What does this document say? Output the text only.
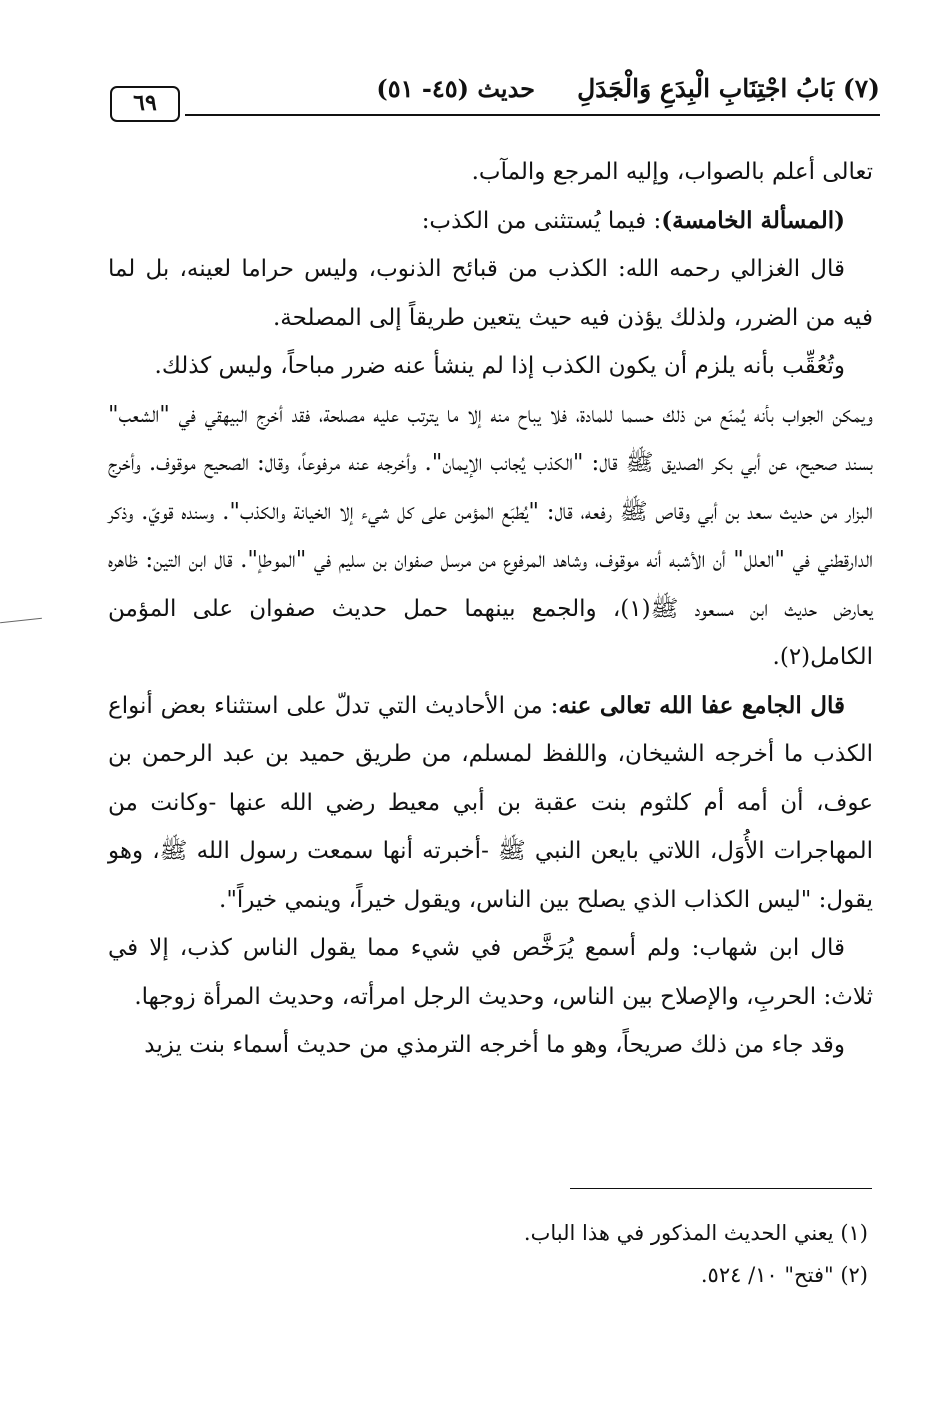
(٧) بَابُ اجْتِنَابِ الْبِدَعِ وَالْجَدَلِ
حديث (٤٥- ٥١)
٦٩

تعالى أعلم بالصواب، وإليه المرجع والمآب.

(المسألة الخامسة): فيما يُستثنى من الكذب:

قال الغزالي رحمه الله: الكذب من قبائح الذنوب، وليس حراما لعينه، بل لما فيه من الضرر، ولذلك يؤذن فيه حيث يتعين طريقاً إلى المصلحة.

وتُعُقِّب بأنه يلزم أن يكون الكذب إذا لم ينشأ عنه ضرر مباحاً، وليس كذلك.

ويمكن الجواب بأنه يُمنَع من ذلك حسما للمادة، فلا يباح منه إلا ما يترتب عليه مصلحة، فقد أخرج البيهقي في "الشعب" بسند صحيح، عن أبي بكر الصديق ﷺ قال: "الكذب يُجانب الإيمان". وأخرجه عنه مرفوعاً، وقال: الصحيح موقوف. وأخرج البزار من حديث سعد بن أبي وقاص ﷺ رفعه، قال: "يُطبَع المؤمن على كل شيء إلا الخيانة والكذب". وسنده قويّ. وذكر الدارقطني في "العلل" أن الأشبه أنه موقوف، وشاهد المرفوع من مرسل صفوان بن سليم في "الموطإ". قال ابن التين: ظاهره يعارض حديث ابن مسعود ﷺ(١)، والجمع بينهما حمل حديث صفوان على المؤمن الكامل(٢).

قال الجامع عفا الله تعالى عنه: من الأحاديث التي تدلّ على استثناء بعض أنواع الكذب ما أخرجه الشيخان، واللفظ لمسلم، من طريق حميد بن عبد الرحمن بن عوف، أن أمه أم كلثوم بنت عقبة بن أبي معيط رضي الله عنها -وكانت من المهاجرات الأُوَل، اللاتي بايعن النبي ﷺ -أخبرته أنها سمعت رسول الله ﷺ، وهو يقول: "ليس الكذاب الذي يصلح بين الناس، ويقول خيراً، وينمي خيراً".

قال ابن شهاب: ولم أسمع يُرَخَّص في شيء مما يقول الناس كذب، إلا في ثلاث: الحربِ، والإصلاح بين الناس، وحديث الرجل امرأته، وحديث المرأة زوجها.

وقد جاء من ذلك صريحاً، وهو ما أخرجه الترمذي من حديث أسماء بنت يزيد

(١) يعني الحديث المذكور في هذا الباب.

(٢) "فتح" ١٠/ ٥٢٤.
